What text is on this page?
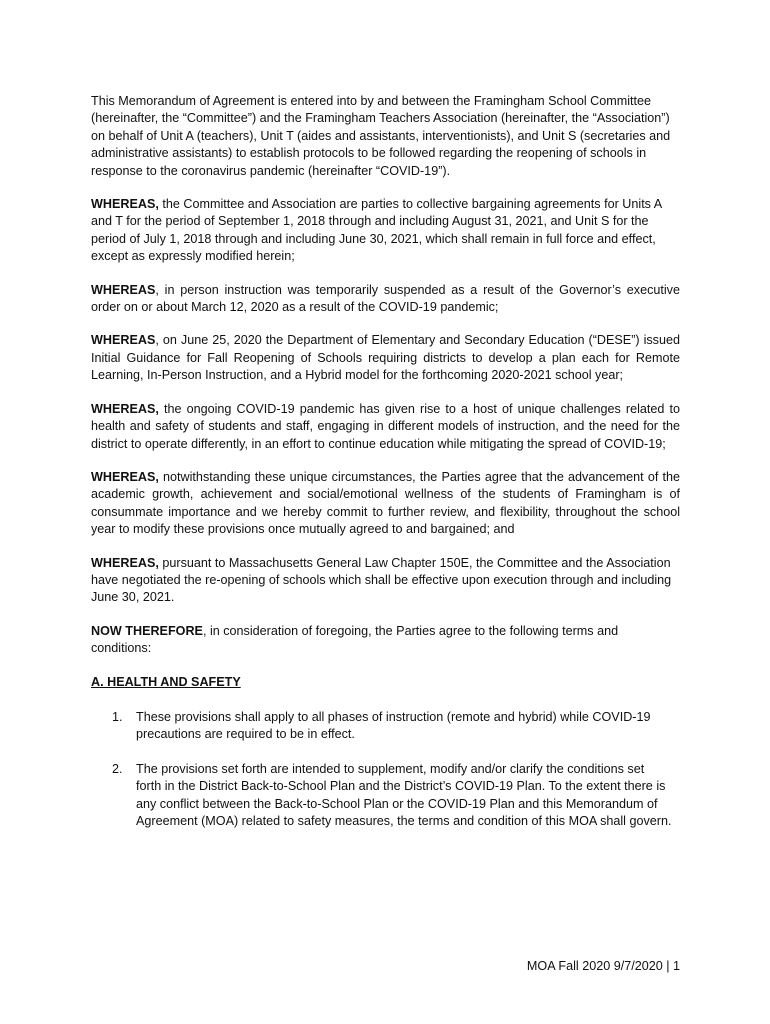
This Memorandum of Agreement is entered into by and between the Framingham School Committee (hereinafter, the “Committee”) and the Framingham Teachers Association (hereinafter, the “Association”) on behalf of Unit A (teachers), Unit T (aides and assistants, interventionists), and Unit S (secretaries and administrative assistants) to establish protocols to be followed regarding the reopening of schools in response to the coronavirus pandemic (hereinafter “COVID-19”).

WHEREAS, the Committee and Association are parties to collective bargaining agreements for Units A and T for the period of September 1, 2018 through and including August 31, 2021, and Unit S for the period of July 1, 2018 through and including June 30, 2021, which shall remain in full force and effect, except as expressly modified herein;

WHEREAS, in person instruction was temporarily suspended as a result of the Governor’s executive order on or about March 12, 2020 as a result of the COVID-19 pandemic;

WHEREAS, on June 25, 2020 the Department of Elementary and Secondary Education (“DESE”) issued Initial Guidance for Fall Reopening of Schools requiring districts to develop a plan each for Remote Learning, In-Person Instruction, and a Hybrid model for the forthcoming 2020-2021 school year;

WHEREAS, the ongoing COVID-19 pandemic has given rise to a host of unique challenges related to health and safety of students and staff, engaging in different models of instruction, and the need for the district to operate differently, in an effort to continue education while mitigating the spread of COVID-19;

WHEREAS, notwithstanding these unique circumstances, the Parties agree that the advancement of the academic growth, achievement and social/emotional wellness of the students of Framingham is of consummate importance and we hereby commit to further review, and flexibility, throughout the school year to modify these provisions once mutually agreed to and bargained; and

WHEREAS, pursuant to Massachusetts General Law Chapter 150E, the Committee and the Association have negotiated the re-opening of schools which shall be effective upon execution through and including June 30, 2021.

NOW THEREFORE, in consideration of foregoing, the Parties agree to the following terms and conditions:

A. HEALTH AND SAFETY

1. These provisions shall apply to all phases of instruction (remote and hybrid) while COVID-19 precautions are required to be in effect.
2. The provisions set forth are intended to supplement, modify and/or clarify the conditions set forth in the District Back-to-School Plan and the District’s COVID-19 Plan. To the extent there is any conflict between the Back-to-School Plan or the COVID-19 Plan and this Memorandum of Agreement (MOA) related to safety measures, the terms and condition of this MOA shall govern.
MOA Fall 2020 9/7/2020 | 1
